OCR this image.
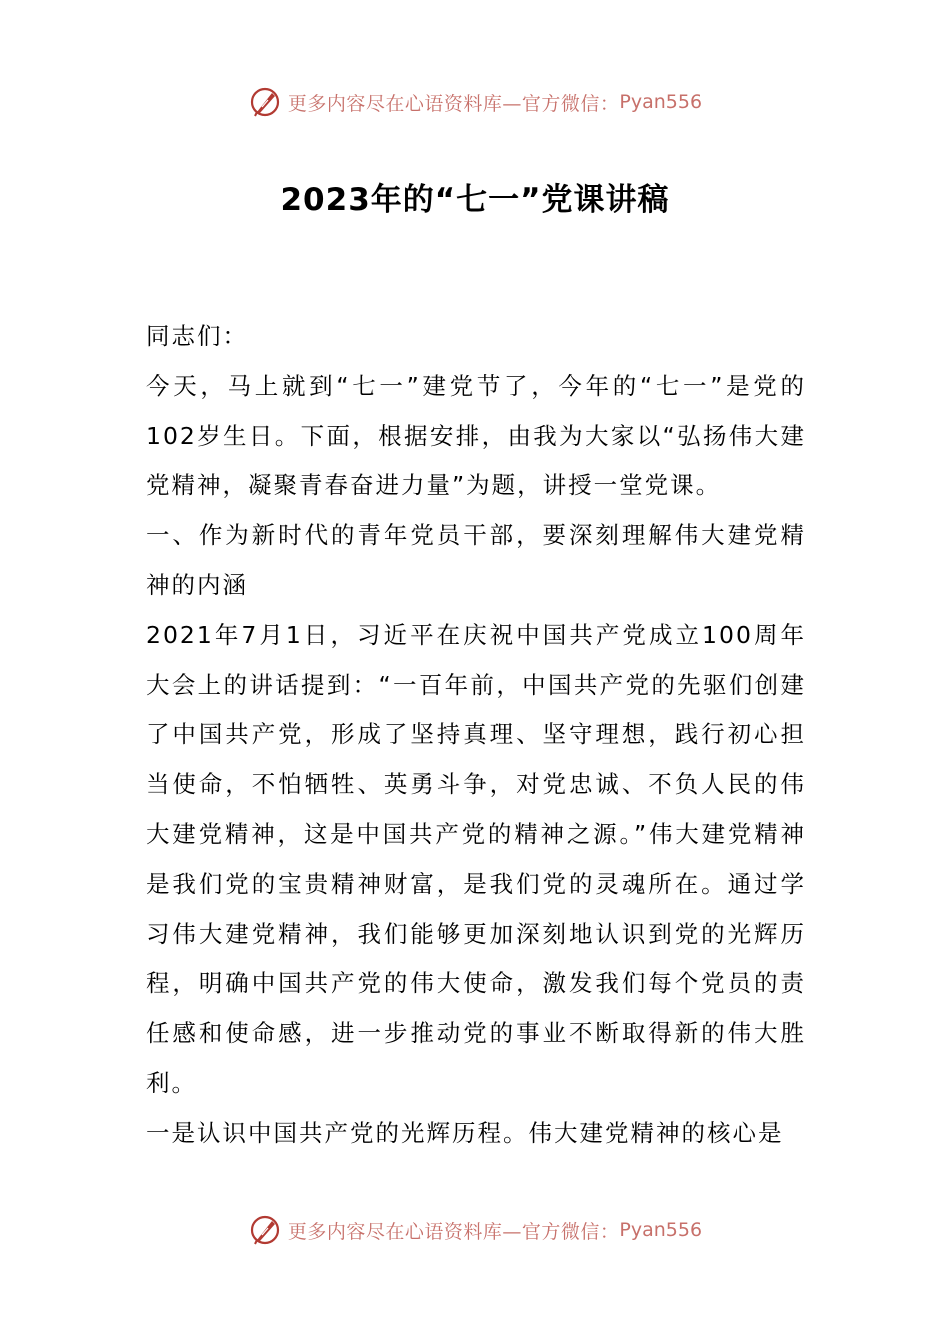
更多内容尽在心语资料库—官方微信： Pyan556
2023年的“七一”党课讲稿

同志们：

今天，马上就到“七一”建党节了，今年的“七一”是党的102岁生日。下面，根据安排，由我为大家以“弘扬伟大建党精神，凝聚青春奋进力量”为题，讲授一堂党课。

一、作为新时代的青年党员干部，要深刻理解伟大建党精神的内涵

2021年7月1日，习近平在庆祝中国共产党成立100周年大会上的讲话提到：“一百年前，中国共产党的先驱们创建了中国共产党，形成了坚持真理、坚守理想，践行初心担当使命，不怕牺牲、英勇斗争，对党忠诚、不负人民的伟大建党精神，这是中国共产党的精神之源。”伟大建党精神是我们党的宝贵精神财富，是我们党的灵魂所在。通过学习伟大建党精神，我们能够更加深刻地认识到党的光辉历程，明确中国共产党的伟大使命，激发我们每个党员的责任感和使命感，进一步推动党的事业不断取得新的伟大胜利。

一是认识中国共产党的光辉历程。伟大建党精神的核心是

更多内容尽在心语资料库—官方微信： Pyan556
